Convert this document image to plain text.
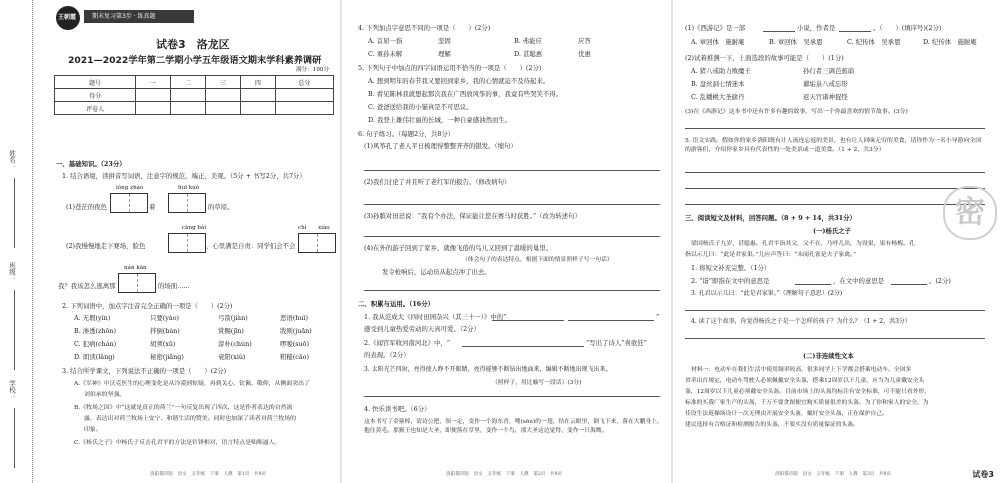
姓名：
班级：
学校：
王朝霞	期末复习第3步 · 练真题
试卷3　洛龙区
2021—2022学年第二学期小学五年级语文期末学科素养调研
满分：100分
题号	一	二	三	四	总分
得分					
评卷人					
一、基础知识。（23分）
1. 结合语境，读拼音写词语，注意字的规范，端正、美观。（5分 + 书写2分，共7分）
lóng zhào	huī kuò
(1)苍茫的夜色	着	的草原。
cāng bái	chì xiào
(2)我慢慢地走下赛场，脸色	，心里满是自责：同学们会不会
nán kān
我？我该怎么逃离那	的场面……
2. 下列词语中，加点字注音完全正确的一项是（　　）(2分)
A. 无瑕(yín)	只要(yào)	弓箭(jiàn)	恶语(huì)
B. 渗透(zhōn)	拌倒(bàn)	赏赐(jīn)	戕则(juān)
C. 犯病(chán)	胡须(xū)	淳朴(chún)	啰唆(suō)
D. 朗读(lǎng)	秘密(jiǎng)	衰阳(xiù)	粗糙(cāo)
3. 结合所学课文，下列说法不正确的一项是（　　）(2分)
A.《军神》中沃克医生的心理变化是从冷漠到惊疑，再到关心、钦佩、敬仰，从侧面突出了
刘伯承的坚强。
B.《牧场之国》中“这就是真正的荷兰”一句反复出现了四次，这是作者表达的自然流
露，表达出对荷兰牧场上安宁、和谐生活的赞美。同时也加深了读者对荷兰牧场的
印象。
C.《杨氏之子》中杨氏子反击孔君平的方法是针锋相对，语言特点是咄咄逼人。
洛阳都市版　语文　五年级　下册　人教　第1页　共8页
4. 下列加点字意思不同的一项是（　　）(2分)
A. 首屈一指	坚固	B. 弗能应	应答
C. 重孙未解	理解	D. 甚聪惠	优惠
5. 下列句子中加点的四字词语运用不恰当的一项是（　　）(2分)
A. 想到明年的春节我又要回到家乡，我的心情就迫不及待起来。
B. 看见陈林我就想起那次我在广西放风筝的事，我竟有些哭笑不得。
C. 爸爸送给我的小猫真是不可思议。
D. 我登上雄伟壮丽的长城，一种自豪感油然而生。
6. 句子练习。（每题2分，共8分）
(1)风筝孔了老人平日梳理得整整齐齐的银发。（缩句）
(2)我们讨论了并且听了老红军的报告。（修改病句）
(3)孙膑对田忌说：“我有个办法，保证能让您在赛马时获胜。”（改为转述句）
(4)在外的游子回到了家乡，就像飞倦的鸟儿又回到了温暖的巢里。
（体会句子的表达特点，根据下面的情景照样子写一句话）
发令枪响后，运动员从起点冲了出去。
二、积累与运用。（16分）
1. 我从范成大《四时田园杂兴（其三十一）》中的“	”
感受到儿童热爱劳动的天真可爱。（2分）
2.《闻官军收河南河北》中，“	”写出了诗人“喜欲狂”
的表现。（2分）
3. 太阳光芒四射，亮得使人睁不开眼睛，亮得能够不断钻出地面来，编辑不断地出现飞出来。
（照样子，用比喻写一段话）(3分)
4. 快乐读书吧。（6分）
这本书写了金箍棒，请诗公把，领一定，变作一个海东青，嗖(sōu)的一翅，钻在云眼里，倒飞下来，落在大鹏身上，抱住黄毛。那猴王也知是大圣，即便落在草里，变作一个鸟，那大圣这边觉得，变作一只海鹰。
洛阳都市版　语文　五年级　下册　人教　第2页　共8页
(1)《西游记》是一部	小说，作者是	。（　　）(填序号)(2分)
A. 章回体　施耐庵	B. 章回体　吴承恩	C. 纪传体　吴承恩	D. 纪传体　施耐庵
(2)试着推测一下，上面选段的故事可能是（　　）(1分)
A. 猪八戒助力败魔王	孙行者三调芭蕉扇
B. 盘丝洞七情迷本	濯垢泉八戒忘形
C. 乱蟠桃大圣偷丹	返天宫诸神捉怪
(3)在《西游记》这本书中还有许多有趣的故事，写出一个你最喜欢的情节故事。(3分)
5. 语文实践。假如你的家乡洛阳既有让人流连忘返的美景，也有让人回味无穷的美食，请你作为一名小导游向全国的游客们，介绍你家乡具有代表性的一处美景或一道美食。（1 + 2，共3分）
三、阅读短文及材料，回答问题。（8 + 9 + 14，共31分）
(一)杨氏之子
梁国杨氏子九岁，甚聪惠。孔君平诣其父，父不在，乃呼儿出，为设果，果有杨梅。孔
指以示儿曰：“此是君家果。”儿应声答曰：“未闻孔雀是夫子家禽。”
1. 将短文补充完整。（1分）
2. “诣”即指在文中的意思是	，在文中的意思是	。(2分)
3. 孔君以示儿曰：“此是君家果。”（理解句子意思）(2分)
4. 读了这个故事，你觉得杨氏之子是一个怎样的孩子？为什么？（1 + 2，共3分）
(二)非连续性文本
材料一：电动车在我们生活中使用频率较高，很多同学上下学都会搭乘电动车。全国多
省率出台规定，电动车驾驶人必须佩戴安全头盔，搭乘12周岁以下儿童，应当为儿童戴安全头
盔，12周岁以下儿童必须戴安全头盔。目前市场上的头盔均标注有安全标准，可不能只看外形，
标准的买我厂家生产的头盔，千万不要贪图便宜购买质量很差的头盔。为了你和家人的安全，为
佳设生法琏操场设计一次无理由开展安全头盔，戴好安全头盔，正在保护自己。
建议选择有合格证和检测报告的头盔，不要买没有质量保证的头盔。
密
洛阳都市版　语文　五年级　下册　人教　第3页　共8页	试卷3
